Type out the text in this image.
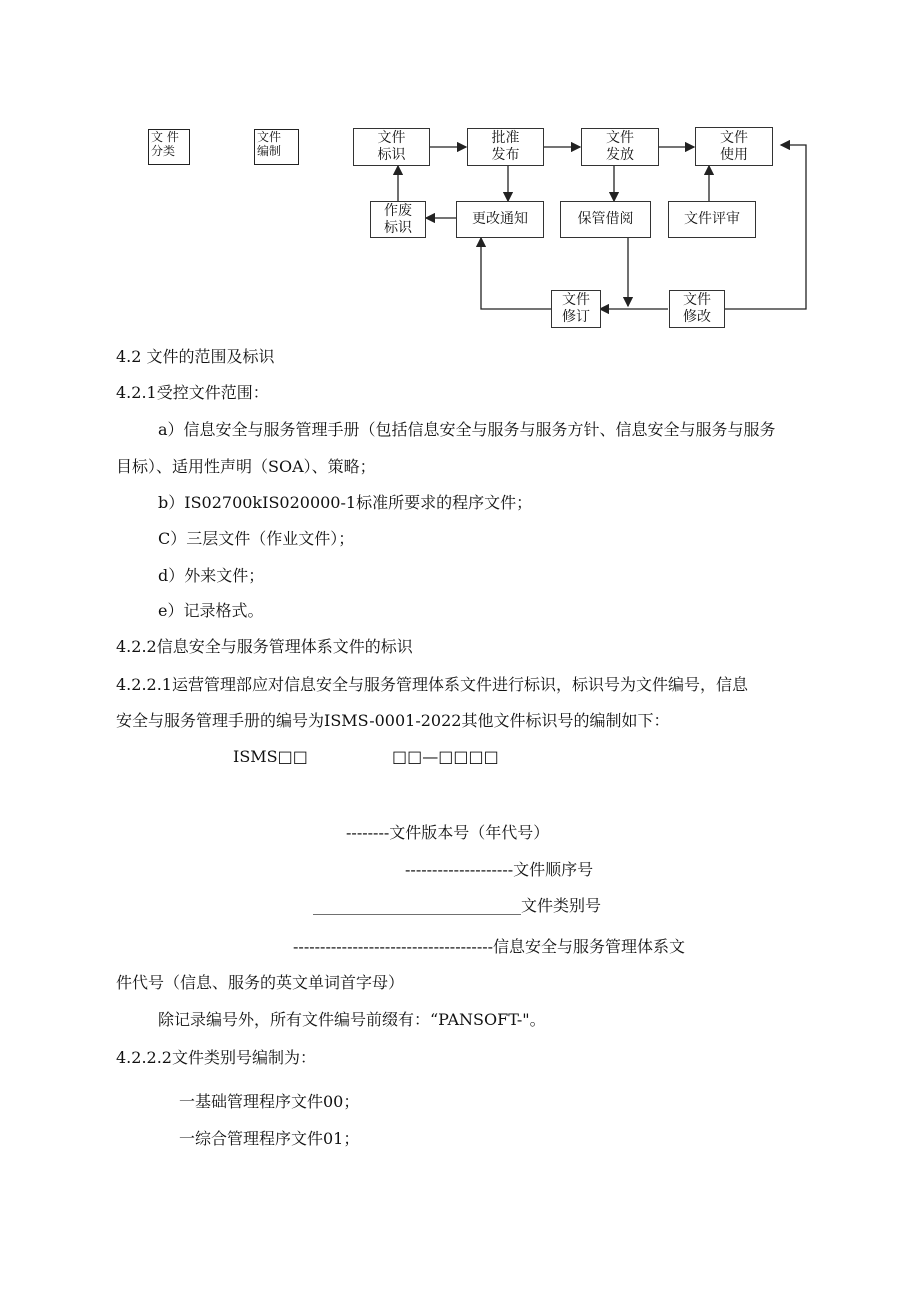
文 件
分类
文件
编制
文件
标识
批准
发布
文件
发放
文件
使用
作废
标识
更改通知	保管借阅	文件评审
文件
修订
文件
修改
4.2 文件的范围及标识
4.2.1受控文件范围：
a）信息安全与服务管理手册（包括信息安全与服务与服务方针、信息安全与服务与服务
目标）、适用性声明（SOA）、策略；
b）IS02700kIS020000-1标准所要求的程序文件；
C）三层文件（作业文件）；
d）外来文件；
e）记录格式。
4.2.2信息安全与服务管理体系文件的标识
4.2.2.1运营管理部应对信息安全与服务管理体系文件进行标识，标识号为文件编号，信息
安全与服务管理手册的编号为ISMS-0001-2022其他文件标识号的编制如下：
ISMS□□	□□—□□□□
--------文件版本号（年代号）
--------------------文件顺序号
__________________________文件类别号
-------------------------------------信息安全与服务管理体系文
件代号（信息、服务的英文单词首字母）
除记录编号外，所有文件编号前缀有：“PANSOFT-"。
4.2.2.2文件类别号编制为：
一基础管理程序文件00；
一综合管理程序文件01；
